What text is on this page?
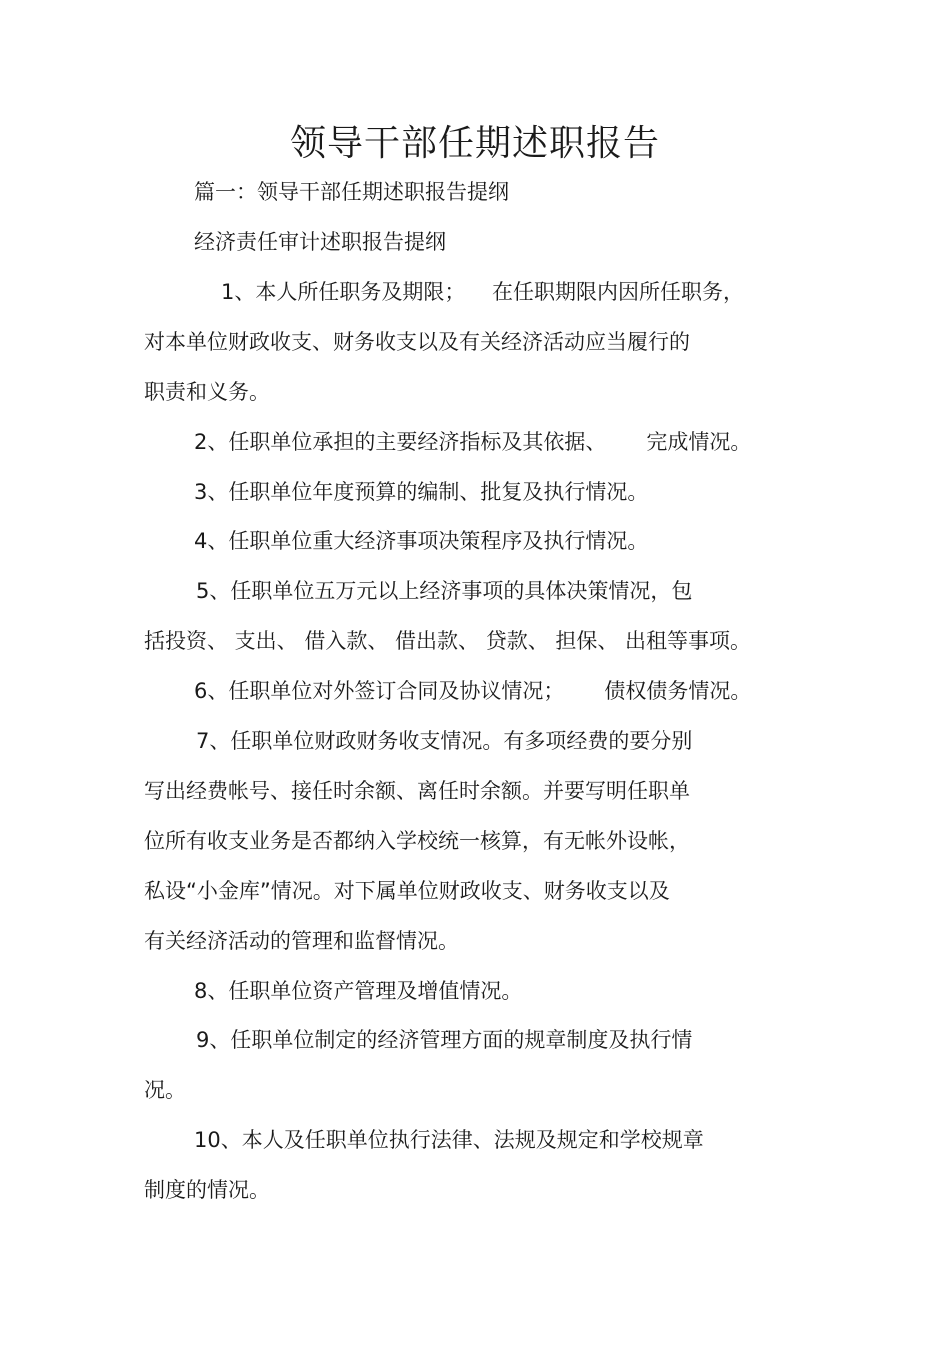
领导干部任期述职报告

篇一：领导干部任期述职报告提纲

经济责任审计述职报告提纲

1、本人所任职务及期限；    在任职期限内因所任职务，

对本单位财政收支、财务收支以及有关经济活动应当履行的

职责和义务。

2、任职单位承担的主要经济指标及其依据、      完成情况。

3、任职单位年度预算的编制、批复及执行情况。

4、任职单位重大经济事项决策程序及执行情况。

5、任职单位五万元以上经济事项的具体决策情况，包

括投资、 支出、 借入款、 借出款、 贷款、 担保、 出租等事项。

6、任职单位对外签订合同及协议情况；      债权债务情况。

7、任职单位财政财务收支情况。有多项经费的要分别

写出经费帐号、接任时余额、离任时余额。并要写明任职单

位所有收支业务是否都纳入学校统一核算，有无帐外设帐，

私设“小金库”情况。对下属单位财政收支、财务收支以及

有关经济活动的管理和监督情况。

8、任职单位资产管理及增值情况。

9、任职单位制定的经济管理方面的规章制度及执行情

况。

10、本人及任职单位执行法律、法规及规定和学校规章

制度的情况。
